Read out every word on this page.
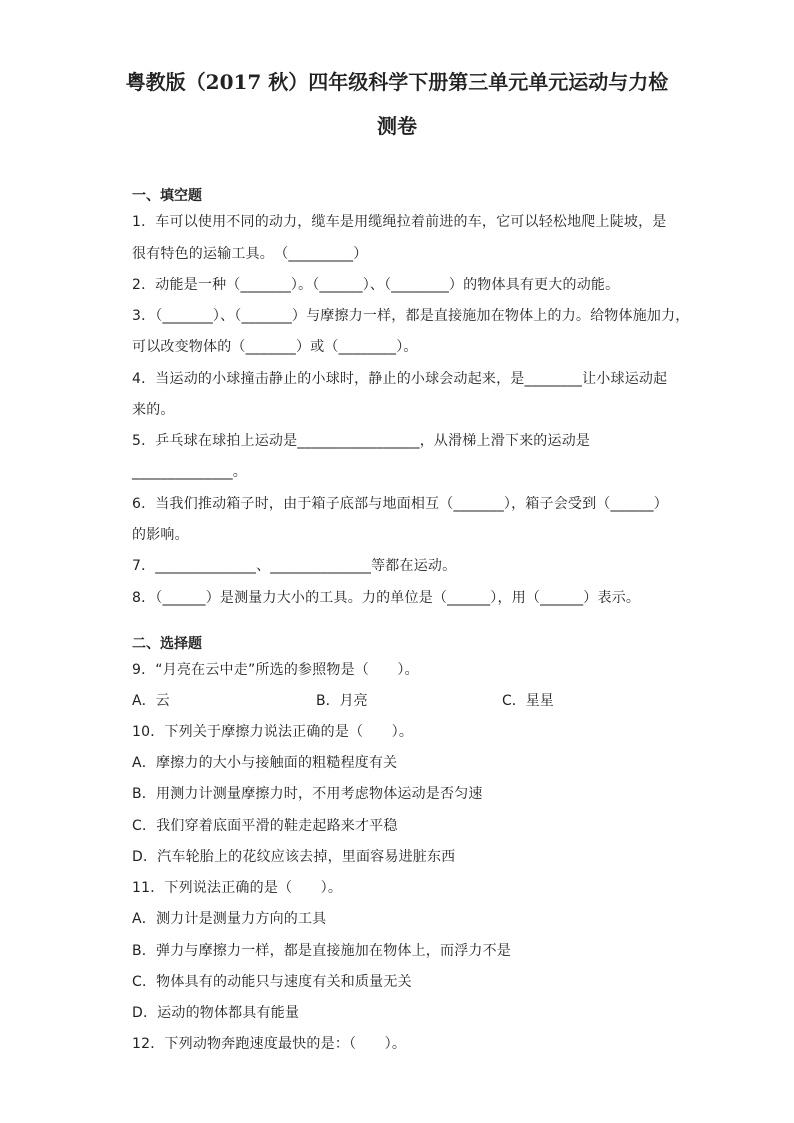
粤教版（2017 秋）四年级科学下册第三单元单元运动与力检
测卷
一、填空题
1．车可以使用不同的动力，缆车是用缆绳拉着前进的车，它可以轻松地爬上陡坡，是
很有特色的运输工具。　（_________）
2．动能是一种（_______）。（______）、（________）的物体具有更大的动能。
3．（_______）、（_______）与摩擦力一样，都是直接施加在物体上的力。给物体施加力，
可以改变物体的（_______）或（________）。
4．当运动的小球撞击静止的小球时，静止的小球会动起来，是________让小球运动起
来的。
5．乒乓球在球拍上运动是_________________，从滑梯上滑下来的运动是
______________。
6．当我们推动箱子时，由于箱子底部与地面相互（_______），箱子会受到（______）
的影响。
7．______________、______________等都在运动。
8．（______）是测量力大小的工具。力的单位是（______），用（______）表示。
二、选择题
9．“月亮在云中走”所选的参照物是（　　）。
A．云	B．月亮	C．星星
10．下列关于摩擦力说法正确的是（　　）。
A．摩擦力的大小与接触面的粗糙程度有关
B．用测力计测量摩擦力时，不用考虑物体运动是否匀速
C．我们穿着底面平滑的鞋走起路来才平稳
D．汽车轮胎上的花纹应该去掉，里面容易进脏东西
11．下列说法正确的是（　　）。
A．测力计是测量力方向的工具
B．弹力与摩擦力一样，都是直接施加在物体上，而浮力不是
C．物体具有的动能只与速度有关和质量无关
D．运动的物体都具有能量
12．下列动物奔跑速度最快的是：（　　）。
